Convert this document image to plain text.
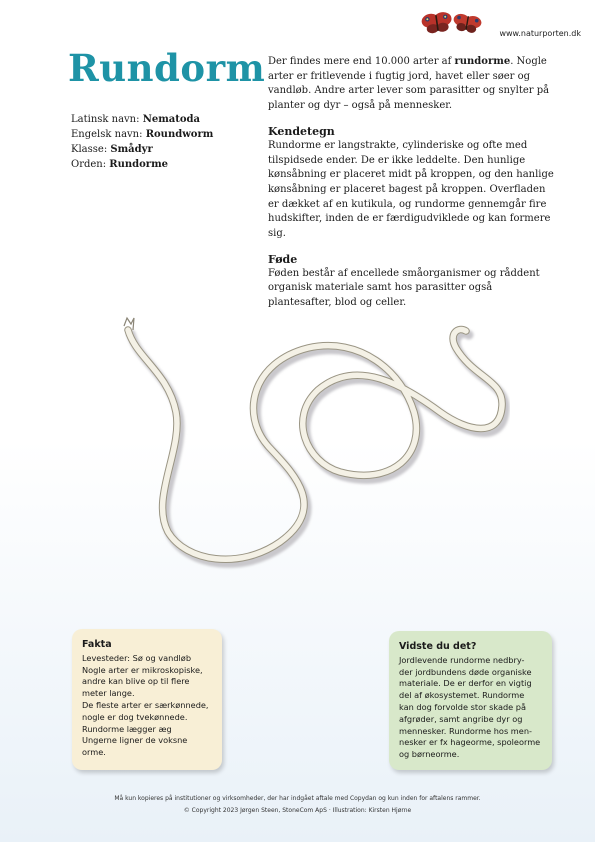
www.naturporten.dk
Rundorm
Latinsk navn: Nematoda
Engelsk navn: Roundworm
Klasse: Smådyr
Orden: Rundorme

Der findes mere end 10.000 arter af rundorme. Nogle arter er fritlevende i fugtig jord, havet eller søer og vandløb. Andre arter lever som parasitter og snylter på planter og dyr – også på mennesker.

Kendetegn

Rundorme er langstrakte, cylinderiske og ofte med tilspidsede ender. De er ikke leddelte. Den hunlige kønsåbning er placeret midt på kroppen, og den hanlige kønsåbning er placeret bagest på kroppen. Overfladen er dækket af en kutikula, og rundorme gennemgår fire hudskifter, inden de er færdigudviklede og kan formere sig.

Føde

Føden består af encellede småorganismer og råddent organisk materiale samt hos parasitter også plantesafter, blod og celler.

Fakta
Levesteder: Sø og vandløb
Nogle arter er mikroskopiske,
andre kan blive op til flere
meter lange.
De fleste arter er særkønnede,
nogle er dog tvekønnede.
Rundorme lægger æg
Ungerne ligner de voksne
orme.
Vidste du det?
Jordlevende rundorme nedbry-
der jordbundens døde organiske
materiale. De er derfor en vigtig
del af økosystemet. Rundorme
kan dog forvolde stor skade på
afgrøder, samt angribe dyr og
mennesker. Rundorme hos men-
nesker er fx hageorme, spoleorme
og børneorme.
Må kun kopieres på institutioner og virksomheder, der har indgået aftale med Copydan og kun inden for aftalens rammer.
© Copyright 2023 Jørgen Steen, StoneCom ApS · Illustration: Kirsten Hjørne
